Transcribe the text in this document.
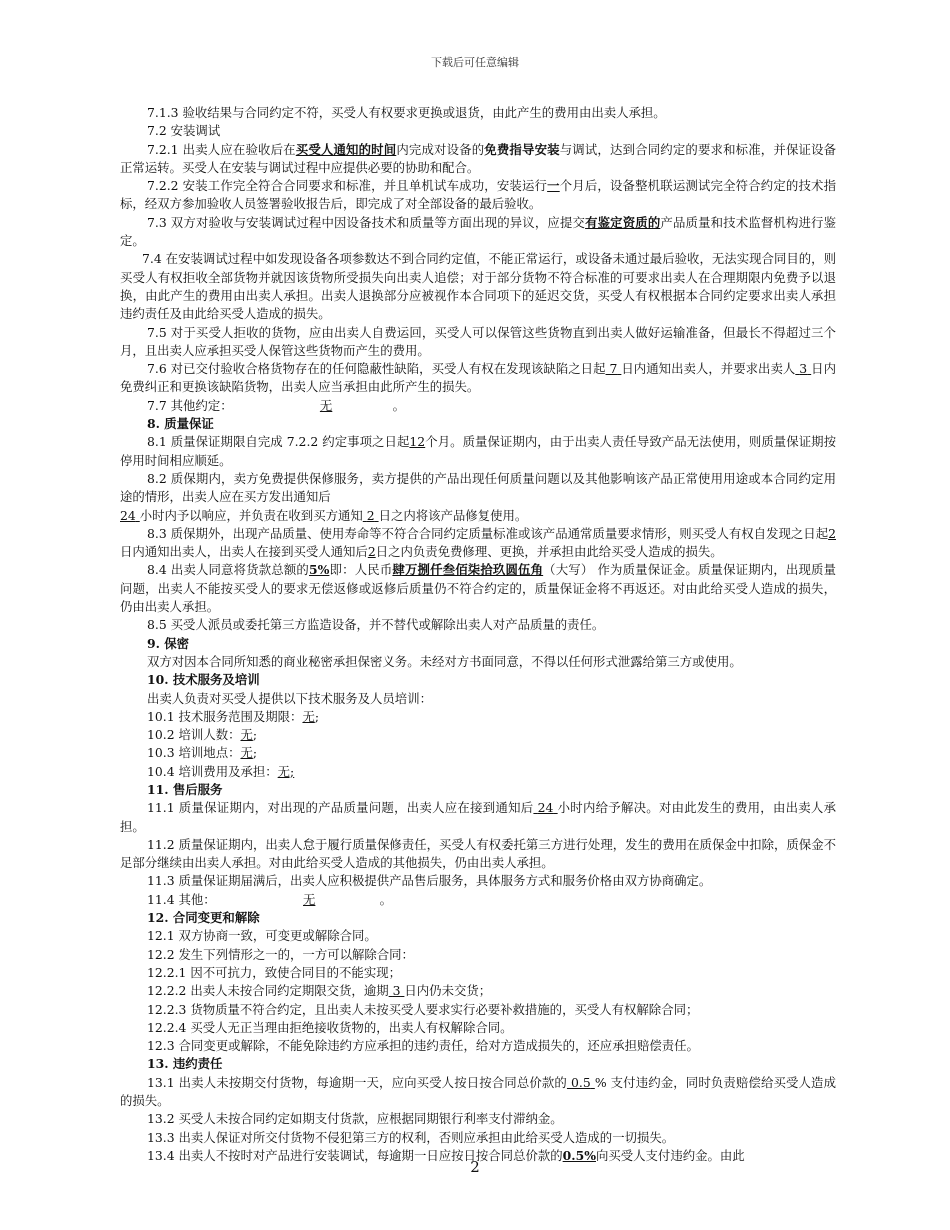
下载后可任意编辑

7.1.3 验收结果与合同约定不符，买受人有权要求更换或退货，由此产生的费用由出卖人承担。

7.2 安装调试

7.2.1 出卖人应在验收后在买受人通知的时间内完成对设备的免费指导安装与调试，达到合同约定的要求和标准，并保证设备正常运转。买受人在安装与调试过程中应提供必要的协助和配合。

7.2.2 安装工作完全符合合同要求和标准，并且单机试车成功，安装运行一个月后，设备整机联运测试完全符合约定的技术指标，经双方参加验收人员签署验收报告后，即完成了对全部设备的最后验收。

7.3 双方对验收与安装调试过程中因设备技术和质量等方面出现的异议，应提交有鉴定资质的产品质量和技术监督机构进行鉴定。

7.4 在安装调试过程中如发现设备各项参数达不到合同约定值，不能正常运行，或设备未通过最后验收，无法实现合同目的，则买受人有权拒收全部货物并就因该货物所受损失向出卖人追偿；对于部分货物不符合标准的可要求出卖人在合理期限内免费予以退换，由此产生的费用由出卖人承担。出卖人退换部分应被视作本合同项下的延迟交货，买受人有权根据本合同约定要求出卖人承担违约责任及由此给买受人造成的损失。

7.5 对于买受人拒收的货物，应由出卖人自费运回，买受人可以保管这些货物直到出卖人做好运输准备，但最长不得超过三个月，且出卖人应承担买受人保管这些货物而产生的费用。

7.6 对已交付验收合格货物存在的任何隐蔽性缺陷，买受人有权在发现该缺陷之日起 7 日内通知出卖人，并要求出卖人 3 日内免费纠正和更换该缺陷货物，出卖人应当承担由此所产生的损失。

7.7 其他约定：	无	。

8. 质量保证

8.1 质量保证期限自完成 7.2.2 约定事项之日起12个月。质量保证期内，由于出卖人责任导致产品无法使用，则质量保证期按停用时间相应顺延。

8.2 质保期内，卖方免费提供保修服务，卖方提供的产品出现任何质量问题以及其他影响该产品正常使用用途或本合同约定用途的情形，出卖人应在买方发出通知后
24 小时内予以响应，并负责在收到买方通知 2 日之内将该产品修复使用。

8.3 质保期外，出现产品质量、使用寿命等不符合合同约定质量标准或该产品通常质量要求情形，则买受人有权自发现之日起2日内通知出卖人，出卖人在接到买受人通知后2日之内负责免费修理、更换，并承担由此给买受人造成的损失。

8.4 出卖人同意将货款总额的5%即：人民币肆万捌仟叁佰柒拾玖圆伍角（大写） 作为质量保证金。质量保证期内，出现质量问题，出卖人不能按买受人的要求无偿返修或返修后质量仍不符合约定的，质量保证金将不再返还。对由此给买受人造成的损失，仍由出卖人承担。

8.5 买受人派员或委托第三方监造设备，并不替代或解除出卖人对产品质量的责任。

9. 保密

双方对因本合同所知悉的商业秘密承担保密义务。未经对方书面同意，不得以任何形式泄露给第三方或使用。

10. 技术服务及培训

出卖人负责对买受人提供以下技术服务及人员培训：

10.1 技术服务范围及期限：无;

10.2 培训人数：无;

10.3 培训地点：无;

10.4 培训费用及承担：无;

11. 售后服务

11.1 质量保证期内，对出现的产品质量问题，出卖人应在接到通知后 24 小时内给予解决。对由此发生的费用，由出卖人承担。

11.2 质量保证期内，出卖人怠于履行质量保修责任，买受人有权委托第三方进行处理，发生的费用在质保金中扣除，质保金不足部分继续由出卖人承担。对由此给买受人造成的其他损失，仍由出卖人承担。

11.3 质量保证期届满后，出卖人应积极提供产品售后服务，具体服务方式和服务价格由双方协商确定。

11.4 其他：	无	。

12. 合同变更和解除

12.1 双方协商一致，可变更或解除合同。

12.2 发生下列情形之一的，一方可以解除合同：

12.2.1 因不可抗力，致使合同目的不能实现；

12.2.2 出卖人未按合同约定期限交货，逾期 3 日内仍未交货；

12.2.3 货物质量不符合约定，且出卖人未按买受人要求实行必要补救措施的，买受人有权解除合同；

12.2.4 买受人无正当理由拒绝接收货物的，出卖人有权解除合同。

12.3 合同变更或解除，不能免除违约方应承担的违约责任，给对方造成损失的，还应承担赔偿责任。

13. 违约责任

13.1 出卖人未按期交付货物，每逾期一天，应向买受人按日按合同总价款的 0.5 % 支付违约金，同时负责赔偿给买受人造成的损失。

13.2 买受人未按合同约定如期支付货款，应根据同期银行利率支付滞纳金。

13.3 出卖人保证对所交付货物不侵犯第三方的权利，否则应承担由此给买受人造成的一切损失。

13.4 出卖人不按时对产品进行安装调试，每逾期一日应按日按合同总价款的0.5%向买受人支付违约金。由此

2
